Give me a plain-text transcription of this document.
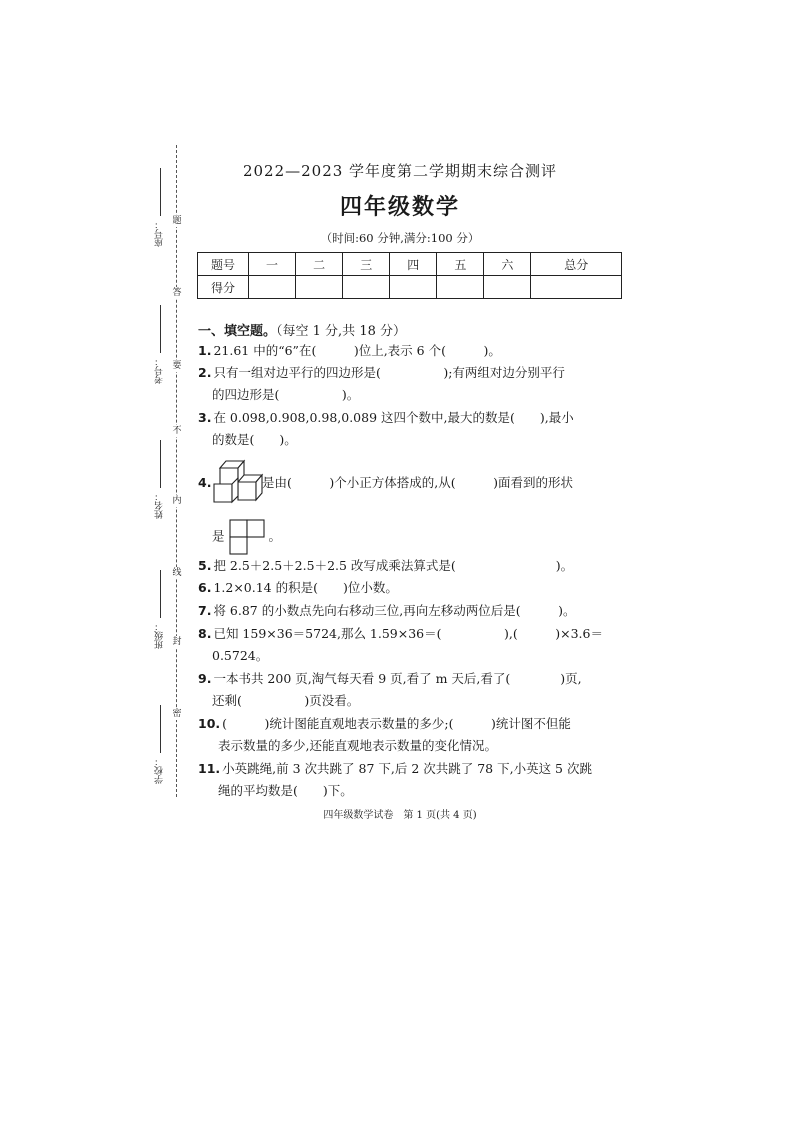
题
答
要
不
内
线
封
密
座号：
考号：
姓名：
班级：
学校：
2022—2023 学年度第二学期期末综合测评
四年级数学
（时间:60 分钟,满分:100 分）
题号	一	二	三	四	五	六	总分
得分							
一、填空题。（每空 1 分,共 18 分）
1. 21.61 中的“6”在(　　　)位上,表示 6 个(　　　)。
2. 只有一组对边平行的四边形是(　　　　　);有两组对边分别平行
的四边形是(　　　　　)。
3. 在 0.098,0.908,0.98,0.089 这四个数中,最大的数是(　　),最小
的数是(　　)。
4.	是由(　　　)个小正方体搭成的,从(　　　)面看到的形状
是	。
5. 把 2.5＋2.5＋2.5＋2.5 改写成乘法算式是(　　　　　　　　)。
6. 1.2×0.14 的积是(　　)位小数。
7. 将 6.87 的小数点先向右移动三位,再向左移动两位后是(　　　)。
8. 已知 159×36＝5724,那么 1.59×36＝(　　　　　),(　　　)×3.6＝
0.5724。
9. 一本书共 200 页,淘气每天看 9 页,看了 m 天后,看了(　　　　)页,
还剩(　　　　　)页没看。
10. (　　　)统计图能直观地表示数量的多少;(　　　)统计图不但能
表示数量的多少,还能直观地表示数量的变化情况。
11. 小英跳绳,前 3 次共跳了 87 下,后 2 次共跳了 78 下,小英这 5 次跳
绳的平均数是(　　)下。
四年级数学试卷　第 1 页(共 4 页)
